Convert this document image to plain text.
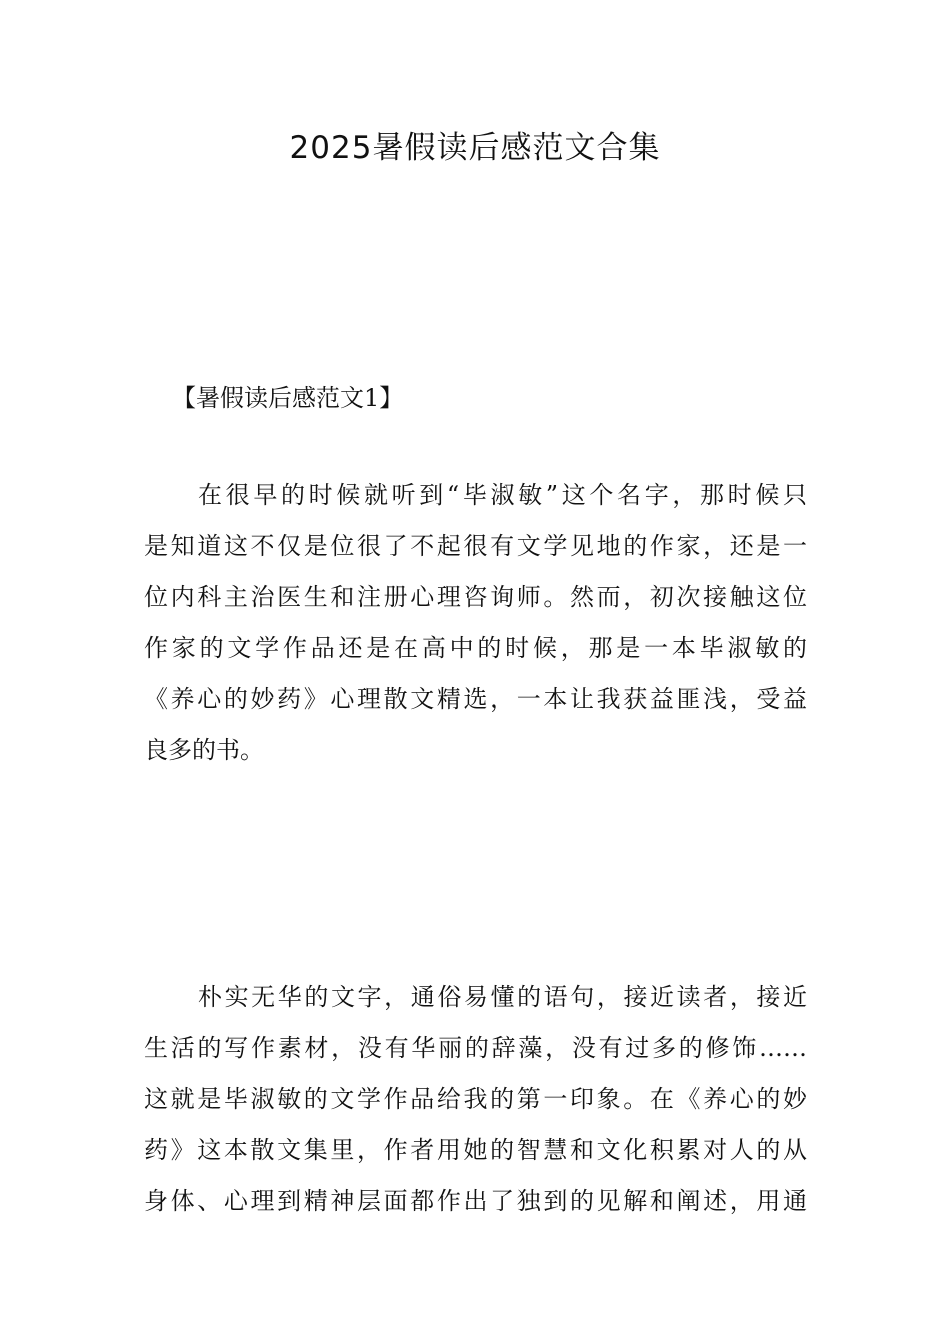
2025暑假读后感范文合集

【暑假读后感范文1】

在很早的时候就听到“毕淑敏”这个名字，那时候只
是知道这不仅是位很了不起很有文学见地的作家，还是一
位内科主治医生和注册心理咨询师。然而，初次接触这位
作家的文学作品还是在高中的时候，那是一本毕淑敏的
《养心的妙药》心理散文精选，一本让我获益匪浅，受益
良多的书。
朴实无华的文字，通俗易懂的语句，接近读者，接近
生活的写作素材，没有华丽的辞藻，没有过多的修饰……
这就是毕淑敏的文学作品给我的第一印象。在《养心的妙
药》这本散文集里，作者用她的智慧和文化积累对人的从
身体、心理到精神层面都作出了独到的见解和阐述，用通
